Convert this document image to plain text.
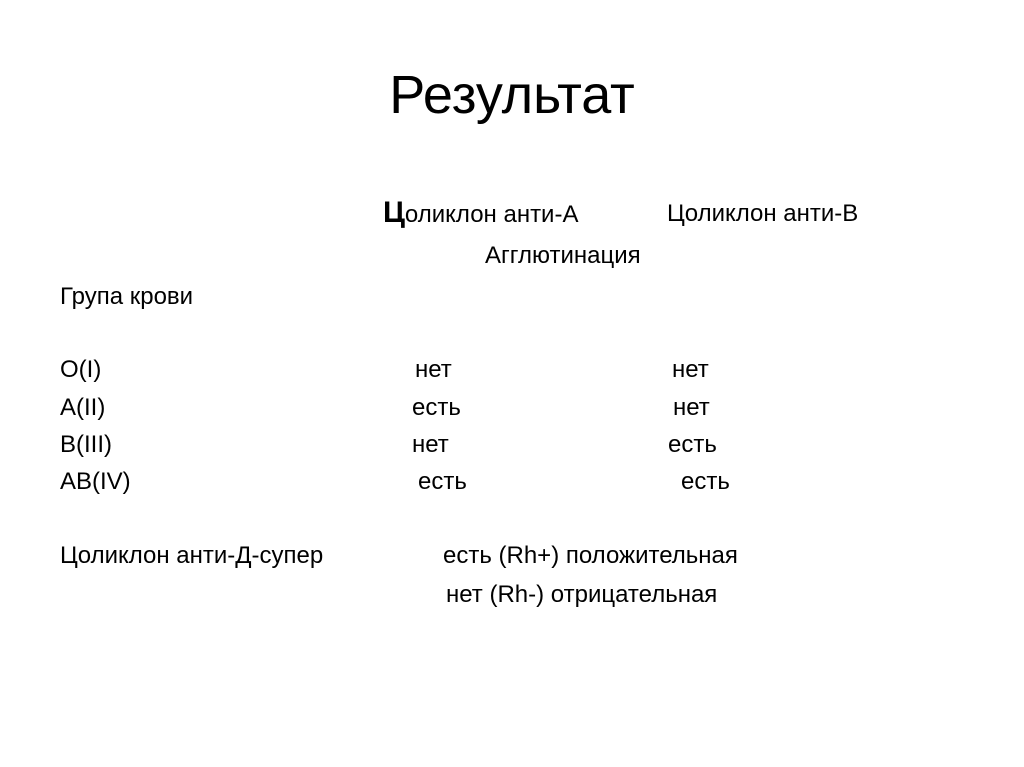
Результат
Цоликлон анти-А	Цоликлон анти-В
Агглютинация
Група крови
O(I)	нет	нет
A(II)	есть	нет
B(III)	нет	есть
AB(IV)	есть	есть
Цоликлон анти-Д-супер	есть (Rh+) положительная
нет (Rh-) отрицательная
